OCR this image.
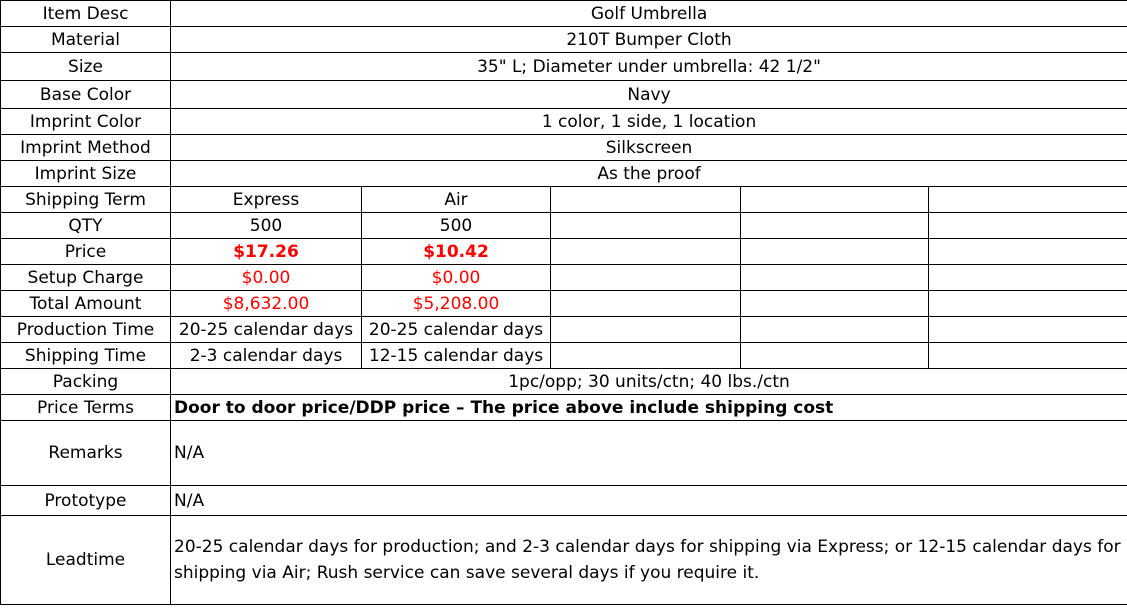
Item Desc	Golf Umbrella				
Material	210T Bumper Cloth				
Size	35" L; Diameter under umbrella: 42 1/2"				
Base Color	Navy				
Imprint Color	1 color, 1 side, 1 location				
Imprint Method	Silkscreen				
Imprint Size	As the proof				
Shipping Term	Express	Air			
QTY	500	500			
Price	$17.26	$10.42			
Setup Charge	$0.00	$0.00			
Total Amount	$8,632.00	$5,208.00			
Production Time	20-25 calendar days	20-25 calendar days			
Shipping Time	2-3 calendar days	12-15 calendar days			
Packing	1pc/opp; 30 units/ctn; 40 lbs./ctn				
Price Terms	Door to door price/DDP price – The price above include shipping cost				
Remarks	N/A				
Prototype	N/A				
Leadtime	20-25 calendar days for production; and 2-3 calendar days for shipping via Express; or 12-15 calendar days for shipping via Air; Rush service can save several days if you require it.				
